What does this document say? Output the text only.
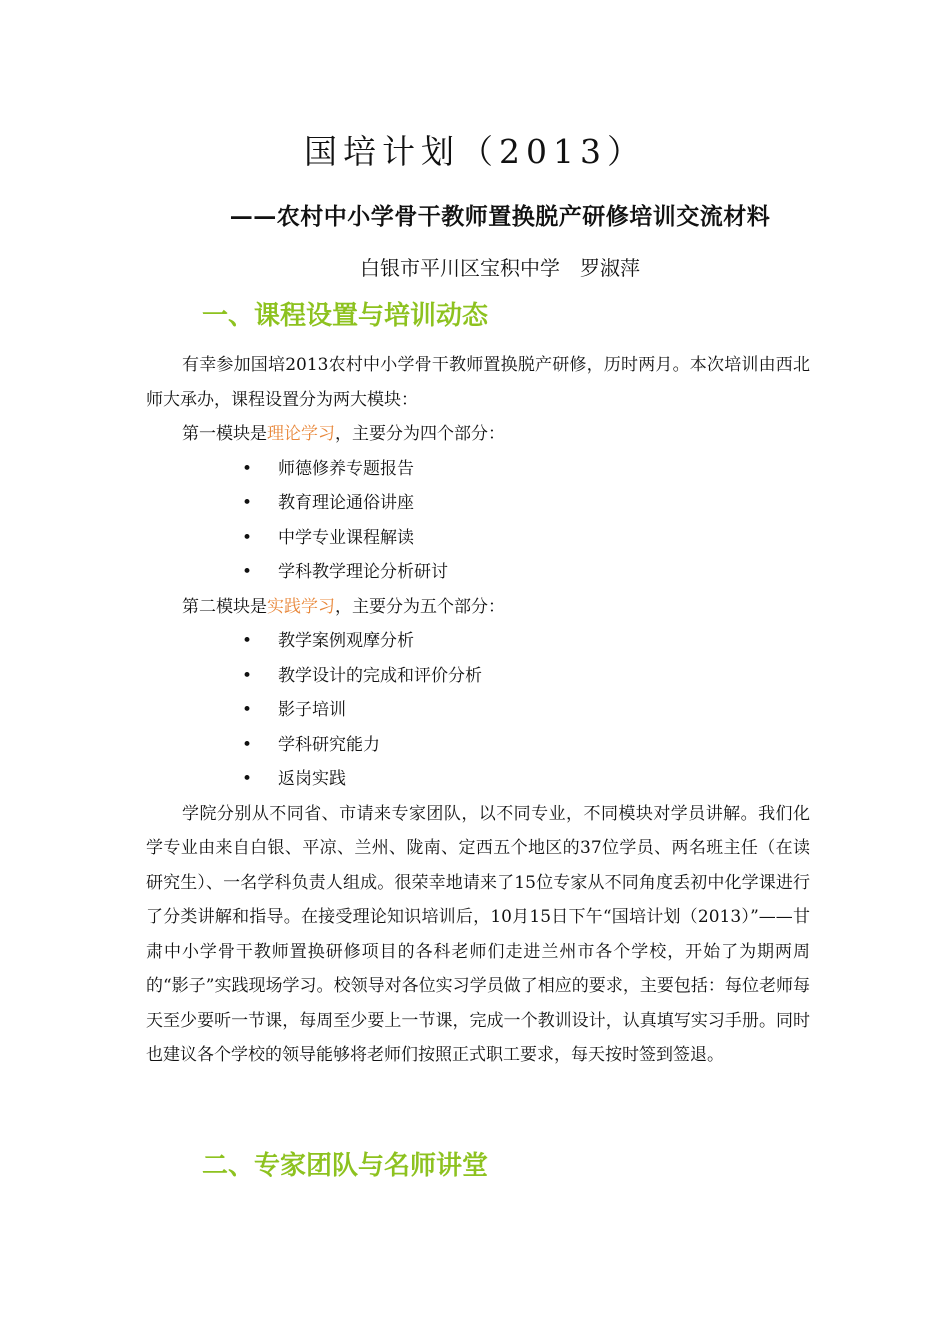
国培计划（2013）
——农村中小学骨干教师置换脱产研修培训交流材料
白银市平川区宝积中学　罗淑萍
一、课程设置与培训动态

有幸参加国培2013农村中小学骨干教师置换脱产研修，历时两月。本次培训由西北师大承办，课程设置分为两大模块：

第一模块是理论学习，主要分为四个部分：

• 师德修养专题报告
• 教育理论通俗讲座
• 中学专业课程解读
• 学科教学理论分析研讨

第二模块是实践学习，主要分为五个部分：

• 教学案例观摩分析
• 教学设计的完成和评价分析
• 影子培训
• 学科研究能力
• 返岗实践

学院分别从不同省、市请来专家团队，以不同专业，不同模块对学员讲解。我们化学专业由来自白银、平凉、兰州、陇南、定西五个地区的37位学员、两名班主任（在读研究生）、一名学科负责人组成。很荣幸地请来了15位专家从不同角度丢初中化学课进行了分类讲解和指导。在接受理论知识培训后，10月15日下午“国培计划（2013）”——甘肃中小学骨干教师置换研修项目的各科老师们走进兰州市各个学校，开始了为期两周的“影子”实践现场学习。校领导对各位实习学员做了相应的要求，主要包括：每位老师每天至少要听一节课，每周至少要上一节课，完成一个教训设计，认真填写实习手册。同时也建议各个学校的领导能够将老师们按照正式职工要求，每天按时签到签退。

二、专家团队与名师讲堂
